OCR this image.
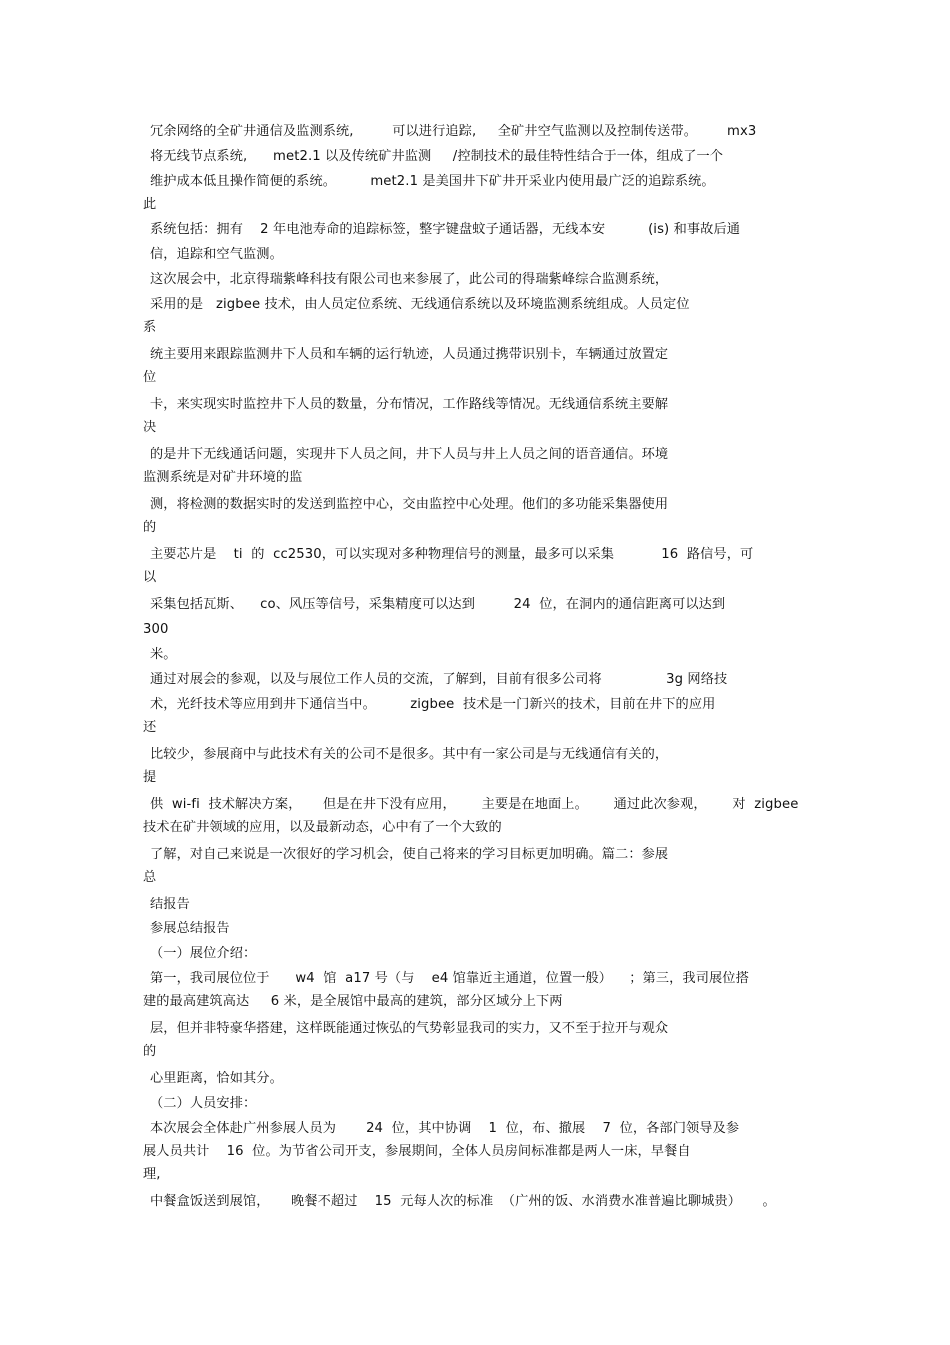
冗余网络的全矿井通信及监测系统,         可以进行追踪,     全矿井空气监测以及控制传送带。       mx3
将无线节点系统,      met2.1 以及传统矿井监测     /控制技术的最佳特性结合于一体，组成了一个
维护成本低且操作简便的系统。        met2.1 是美国井下矿井开采业内使用最广泛的追踪系统。
此
系统包括：拥有    2 年电池寿命的追踪标签，整字键盘蚊子通话器，无线本安          (is) 和事故后通
信，追踪和空气监测。
这次展会中，北京得瑞紫峰科技有限公司也来参展了，此公司的得瑞紫峰综合监测系统，
采用的是   zigbee 技术，由人员定位系统、无线通信系统以及环境监测系统组成。人员定位
系
统主要用来跟踪监测井下人员和车辆的运行轨迹，人员通过携带识别卡，车辆通过放置定
位
卡，来实现实时监控井下人员的数量，分布情况，工作路线等情况。无线通信系统主要解
决
的是井下无线通话问题，实现井下人员之间，井下人员与井上人员之间的语音通信。环境
监测系统是对矿井环境的监
测，将检测的数据实时的发送到监控中心，交由监控中心处理。他们的多功能采集器使用
的
主要芯片是    ti  的  cc2530，可以实现对多种物理信号的测量，最多可以采集           16  路信号，可
以
采集包括瓦斯、    co、风压等信号，采集精度可以达到         24  位，在洞内的通信距离可以达到
300
米。
通过对展会的参观，以及与展位工作人员的交流，了解到，目前有很多公司将               3g 网络技
术，光纤技术等应用到井下通信当中。        zigbee  技术是一门新兴的技术，目前在井下的应用
还
比较少，参展商中与此技术有关的公司不是很多。其中有一家公司是与无线通信有关的，
提
供  wi-fi  技术解决方案，     但是在井下没有应用，      主要是在地面上。      通过此次参观，      对  zigbee
技术在矿井领域的应用，以及最新动态，心中有了一个大致的
了解，对自己来说是一次很好的学习机会，使自己将来的学习目标更加明确。篇二：参展
总
结报告
参展总结报告
（一）展位介绍：
第一，我司展位位于      w4  馆  a17 号（与    e4 馆靠近主通道，位置一般）    ；第三，我司展位搭
建的最高建筑高达     6 米，是全展馆中最高的建筑，部分区域分上下两
层，但并非特豪华搭建，这样既能通过恢弘的气势彰显我司的实力，又不至于拉开与观众
的
心里距离，恰如其分。
（二）人员安排：
本次展会全体赴广州参展人员为       24  位，其中协调    1  位，布、撤展    7  位，各部门领导及参
展人员共计    16  位。为节省公司开支，参展期间，全体人员房间标准都是两人一床，早餐自
理,
中餐盒饭送到展馆，     晚餐不超过    15  元每人次的标准  （广州的饭、水消费水准普遍比聊城贵）     。
